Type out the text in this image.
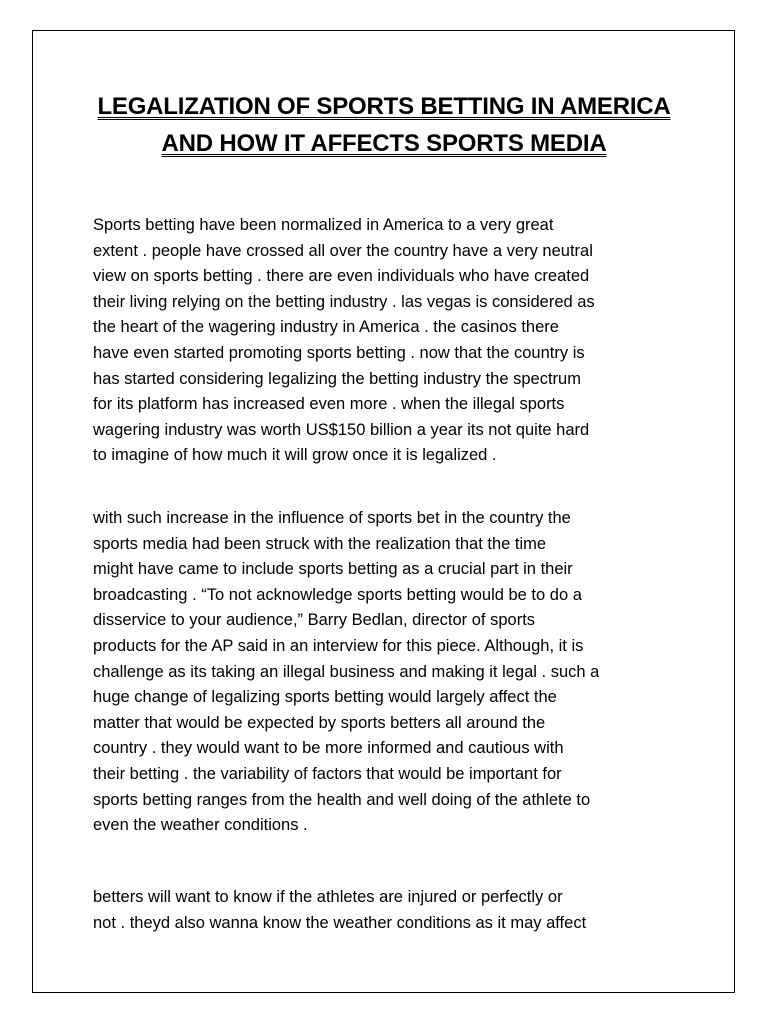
LEGALIZATION OF SPORTS BETTING IN AMERICA AND HOW IT AFFECTS SPORTS MEDIA

Sports betting have been normalized in America to a very great
extent . people have crossed all over the country have a very neutral
view on sports betting . there are even individuals who have created
their living relying on the betting industry . las vegas is considered as
the heart of the wagering industry in America . the casinos there
have even started promoting sports betting . now that the country is
has started considering legalizing the betting industry the spectrum
for its platform has increased even more . when the illegal sports
wagering industry was worth US$150 billion a year its not quite hard
to imagine of how much it will grow once it is legalized .

with such increase in the influence of sports bet in the country the
sports media had been struck with the realization that the time
might have came to include sports betting as a crucial part in their
broadcasting . “To not acknowledge sports betting would be to do a
disservice to your audience,” Barry Bedlan, director of sports
products for the AP said in an interview for this piece. Although, it is
challenge as its taking an illegal business and making it legal . such a
huge change of legalizing sports betting would largely affect the
matter that would be expected by sports betters all around the
country . they would want to be more informed and cautious with
their betting . the variability of factors that would be important for
sports betting ranges from the health and well doing of the athlete to
even the weather conditions .

betters will want to know if the athletes are injured or perfectly or
not . theyd also wanna know the weather conditions as it may affect
